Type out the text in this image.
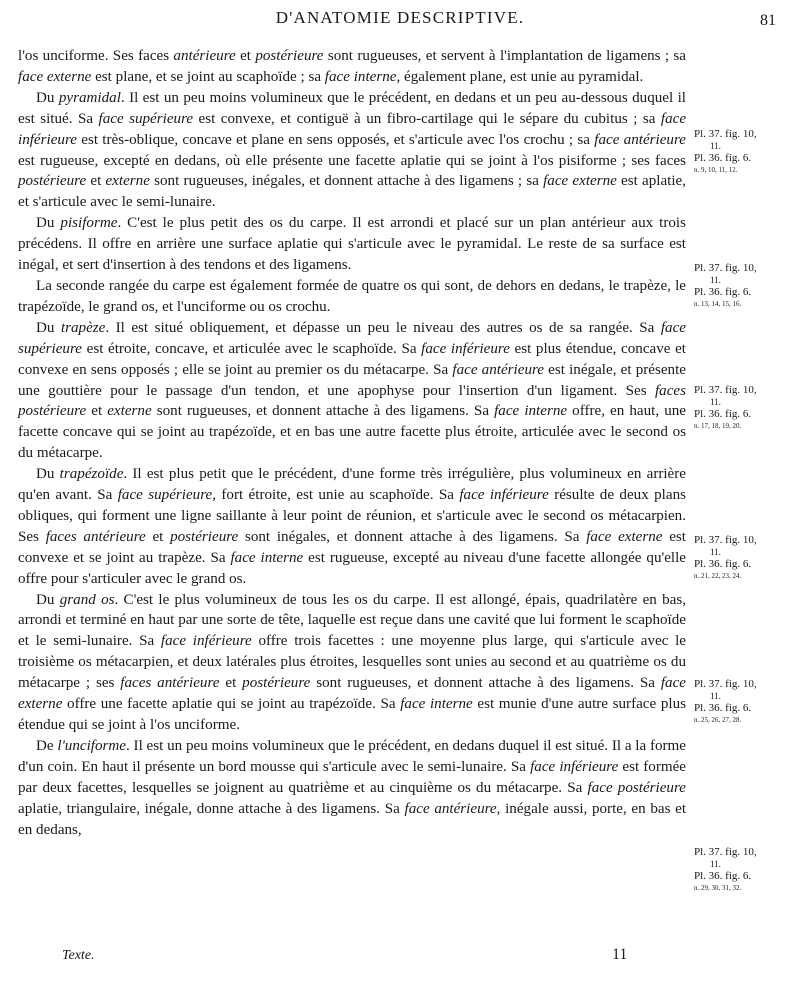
D'ANATOMIE DESCRIPTIVE.	81

l'os unciforme. Ses faces antérieure et postérieure sont rugueuses, et servent à l'implantation de ligamens ; sa face externe est plane, et se joint au scaphoïde ; sa face interne, également plane, est unie au pyramidal.

Du pyramidal. Il est un peu moins volumineux que le précédent, en dedans et un peu au-dessous duquel il est situé. Sa face supérieure est convexe, et contiguë à un fibro-cartilage qui le sépare du cubitus ; sa face inférieure est très-oblique, concave et plane en sens opposés, et s'articule avec l'os crochu ; sa face antérieure est rugueuse, excepté en dedans, où elle présente une facette aplatie qui se joint à l'os pisiforme ; ses faces postérieure et externe sont rugueuses, inégales, et donnent attache à des ligamens ; sa face externe est aplatie, et s'articule avec le semi-lunaire.

Du pisiforme. C'est le plus petit des os du carpe. Il est arrondi et placé sur un plan antérieur aux trois précédens. Il offre en arrière une surface aplatie qui s'articule avec le pyramidal. Le reste de sa surface est inégal, et sert d'insertion à des tendons et des ligamens.

La seconde rangée du carpe est également formée de quatre os qui sont, de dehors en dedans, le trapèze, le trapézoïde, le grand os, et l'unciforme ou os crochu.

Du trapèze. Il est situé obliquement, et dépasse un peu le niveau des autres os de sa rangée. Sa face supérieure est étroite, concave, et articulée avec le scaphoïde. Sa face inférieure est plus étendue, concave et convexe en sens opposés ; elle se joint au premier os du métacarpe. Sa face antérieure est inégale, et présente une gouttière pour le passage d'un tendon, et une apophyse pour l'insertion d'un ligament. Ses faces postérieure et externe sont rugueuses, et donnent attache à des ligamens. Sa face interne offre, en haut, une facette concave qui se joint au trapézoïde, et en bas une autre facette plus étroite, articulée avec le second os du métacarpe.

Du trapézoïde. Il est plus petit que le précédent, d'une forme très irrégulière, plus volumineux en arrière qu'en avant. Sa face supérieure, fort étroite, est unie au scaphoïde. Sa face inférieure résulte de deux plans obliques, qui forment une ligne saillante à leur point de réunion, et s'articule avec le second os métacarpien. Ses faces antérieure et postérieure sont inégales, et donnent attache à des ligamens. Sa face externe est convexe et se joint au trapèze. Sa face interne est rugueuse, excepté au niveau d'une facette allongée qu'elle offre pour s'articuler avec le grand os.

Du grand os. C'est le plus volumineux de tous les os du carpe. Il est allongé, épais, quadrilatère en bas, arrondi et terminé en haut par une sorte de tête, laquelle est reçue dans une cavité que lui forment le scaphoïde et le semi-lunaire. Sa face inférieure offre trois facettes : une moyenne plus large, qui s'articule avec le troisième os métacarpien, et deux latérales plus étroites, lesquelles sont unies au second et au quatrième os du métacarpe ; ses faces antérieure et postérieure sont rugueuses, et donnent attache à des ligamens. Sa face externe offre une facette aplatie qui se joint au trapézoïde. Sa face interne est munie d'une autre surface plus étendue qui se joint à l'os unciforme.

De l'unciforme. Il est un peu moins volumineux que le précédent, en dedans duquel il est situé. Il a la forme d'un coin. En haut il présente un bord mousse qui s'articule avec le semi-lunaire. Sa face inférieure est formée par deux facettes, lesquelles se joignent au quatrième et au cinquième os du métacarpe. Sa face postérieure aplatie, triangulaire, inégale, donne attache à des ligamens. Sa face antérieure, inégale aussi, porte, en bas et en dedans,

Pl. 37. fig. 10,
11.
Pl. 36. fig. 6.
n. 9, 10, 11, 12.
Pl. 37. fig. 10,
11.
Pl. 36. fig. 6.
n. 13, 14, 15, 16.
Pl. 37. fig. 10,
11.
Pl. 36. fig. 6.
n. 17, 18, 19, 20.
Pl. 37. fig. 10,
11.
Pl. 36. fig. 6.
n. 21, 22, 23, 24.
Pl. 37. fig. 10,
11.
Pl. 36. fig. 6.
n. 25, 26, 27, 28.
Pl. 37. fig. 10,
11.
Pl. 36. fig. 6.
n. 29, 30, 31, 32.
Texte.	11
